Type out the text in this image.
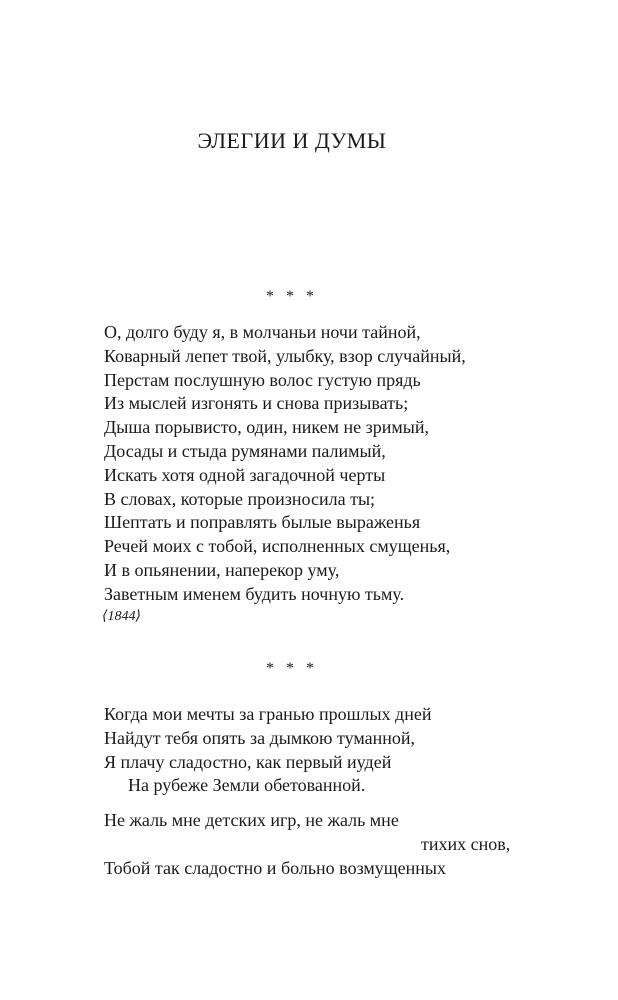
ЭЛЕГИИ И ДУМЫ

* * *

О, долго буду я, в молчаньи ночи тайной,
Коварный лепет твой, улыбку, взор случайный,
Перстам послушную волос густую прядь
Из мыслей изгонять и снова призывать;
Дыша порывисто, один, никем не зримый,
Досады и стыда румянами палимый,
Искать хотя одной загадочной черты
В словах, которые произносила ты;
Шептать и поправлять былые выраженья
Речей моих с тобой, исполненных смущенья,
И в опьянении, наперекор уму,
Заветным именем будить ночную тьму.

⟨1844⟩

* * *

Когда мои мечты за гранью прошлых дней
Найдут тебя опять за дымкою туманной,
Я плачу сладостно, как первый иудей
На рубеже Земли обетованной.
Не жаль мне детских игр, не жаль мне
тихих снов,
Тобой так сладостно и больно возмущенных
